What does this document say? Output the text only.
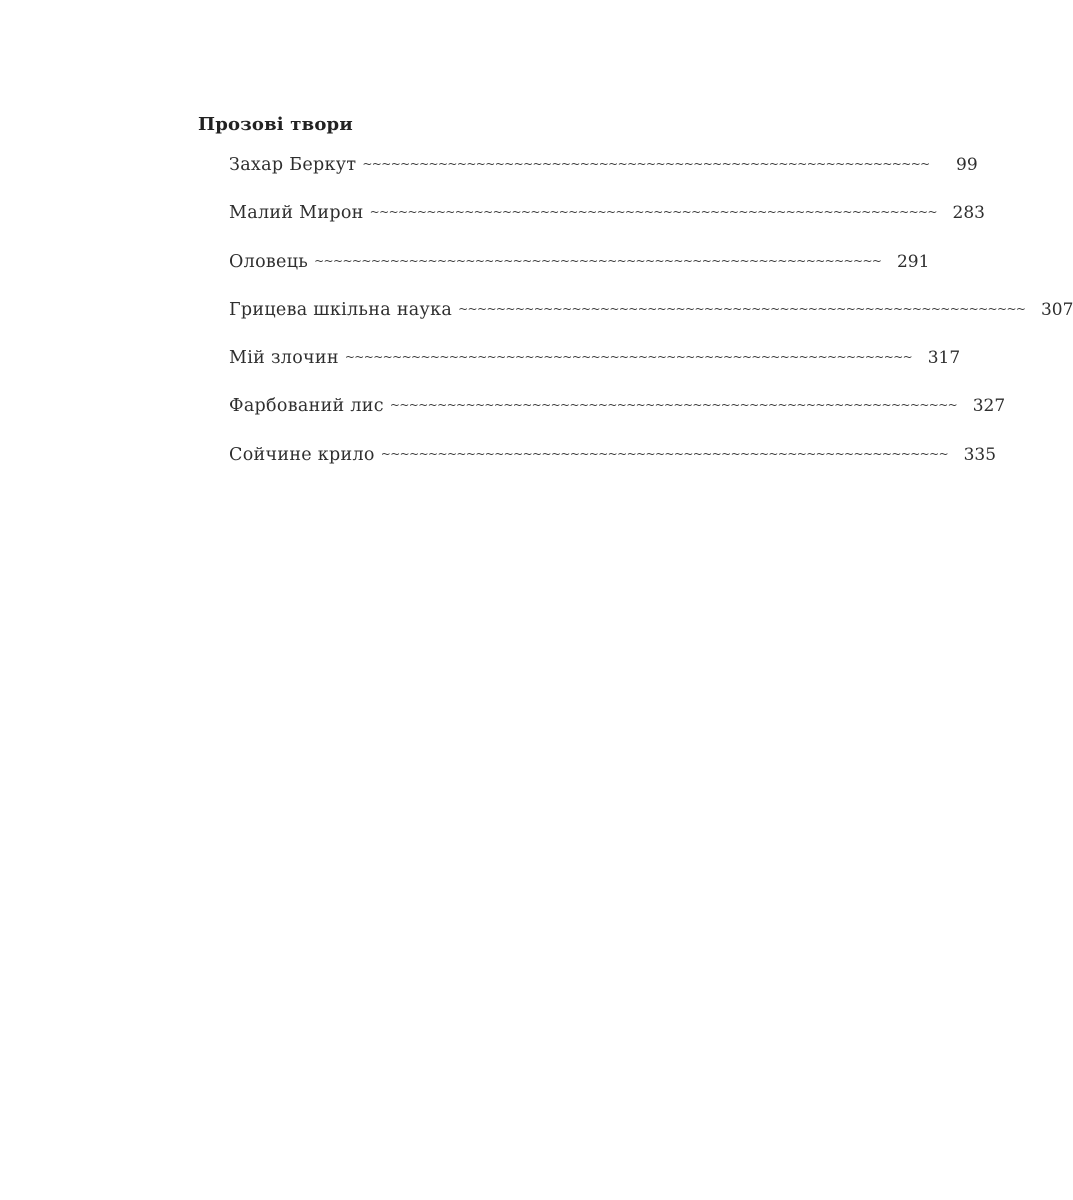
Прозові твори
Захар Беркут ~~~~~~~~~~~~~~~~~~~~~~~~~~~~~~~~~~~~~~~~~~~~~~~~~~~~~~~~~~~~	99
Малий Мирон ~~~~~~~~~~~~~~~~~~~~~~~~~~~~~~~~~~~~~~~~~~~~~~~~~~~~~~~~~~~~ 283
Оловець ~~~~~~~~~~~~~~~~~~~~~~~~~~~~~~~~~~~~~~~~~~~~~~~~~~~~~~~~~~~~ 291
Грицева шкільна наука ~~~~~~~~~~~~~~~~~~~~~~~~~~~~~~~~~~~~~~~~~~~~~~~~~~~~~~~~~~~~ 307
Мій злочин ~~~~~~~~~~~~~~~~~~~~~~~~~~~~~~~~~~~~~~~~~~~~~~~~~~~~~~~~~~~~ 317
Фарбований лис ~~~~~~~~~~~~~~~~~~~~~~~~~~~~~~~~~~~~~~~~~~~~~~~~~~~~~~~~~~~~ 327
Сойчине крило ~~~~~~~~~~~~~~~~~~~~~~~~~~~~~~~~~~~~~~~~~~~~~~~~~~~~~~~~~~~~ 335
